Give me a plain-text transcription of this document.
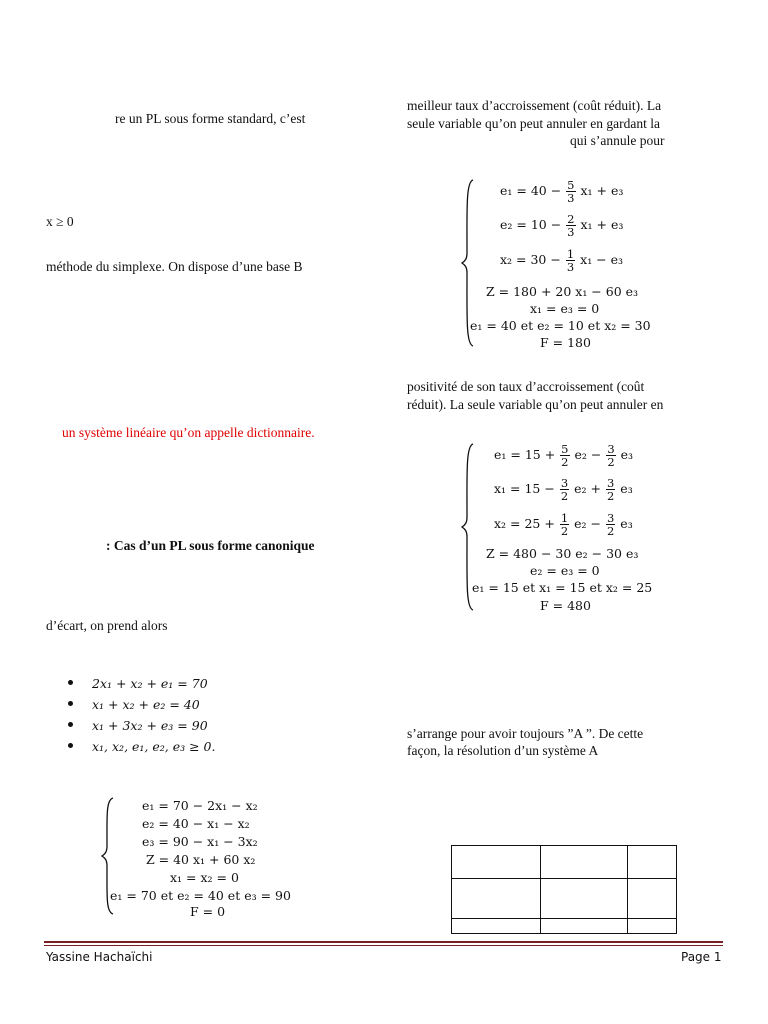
re un PL sous forme standard, c’est
x ≥ 0
méthode du simplexe. On dispose d’une base B
un système linéaire qu’on appelle dictionnaire.
: Cas d’un PL sous forme canonique
d’écart, on prend alors
2x₁ + x₂ + e₁ = 70
x₁ + x₂ + e₂ = 40
x₁ + 3x₂ + e₃ = 90
x₁, x₂, e₁, e₂, e₃ ≥ 0.
e₁ = 70 − 2x₁ − x₂
e₂ = 40 − x₁ − x₂
e₃ = 90 − x₁ − 3x₂
Z = 40 x₁ + 60 x₂
x₁ = x₂ = 0
e₁ = 70 et e₂ = 40 et e₃ = 90
F = 0
meilleur taux d’accroissement (coût réduit). La
seule variable qu’on peut annuler en gardant la
qui s’annule pour
$e_1 = 40 - \frac{5}{3} x_1 + e_3$
$e_2 = 10 - \frac{2}{3} x_1 + e_3$
$x_2 = 30 - \frac{1}{3} x_1 - e_3$
Z = 180 + 20 x₁ − 60 e₃
x₁ = e₃ = 0
e₁ = 40 et e₂ = 10 et x₂ = 30
F = 180
positivité de son taux d’accroissement (coût
réduit). La seule variable qu’on peut annuler en
$e_1 = 15 + \frac{5}{2} e_2 - \frac{3}{2} e_3$
$x_1 = 15 - \frac{3}{2} e_2 + \frac{3}{2} e_3$
$x_2 = 25 + \frac{1}{2} e_2 - \frac{3}{2} e_3$
Z = 480 − 30 e₂ − 30 e₃
e₂ = e₃ = 0
e₁ = 15 et x₁ = 15 et x₂ = 25
F = 480
s’arrange pour avoir toujours ”A ”. De cette
façon, la résolution d’un système A

Yassine Hachaïchi	Page 1
